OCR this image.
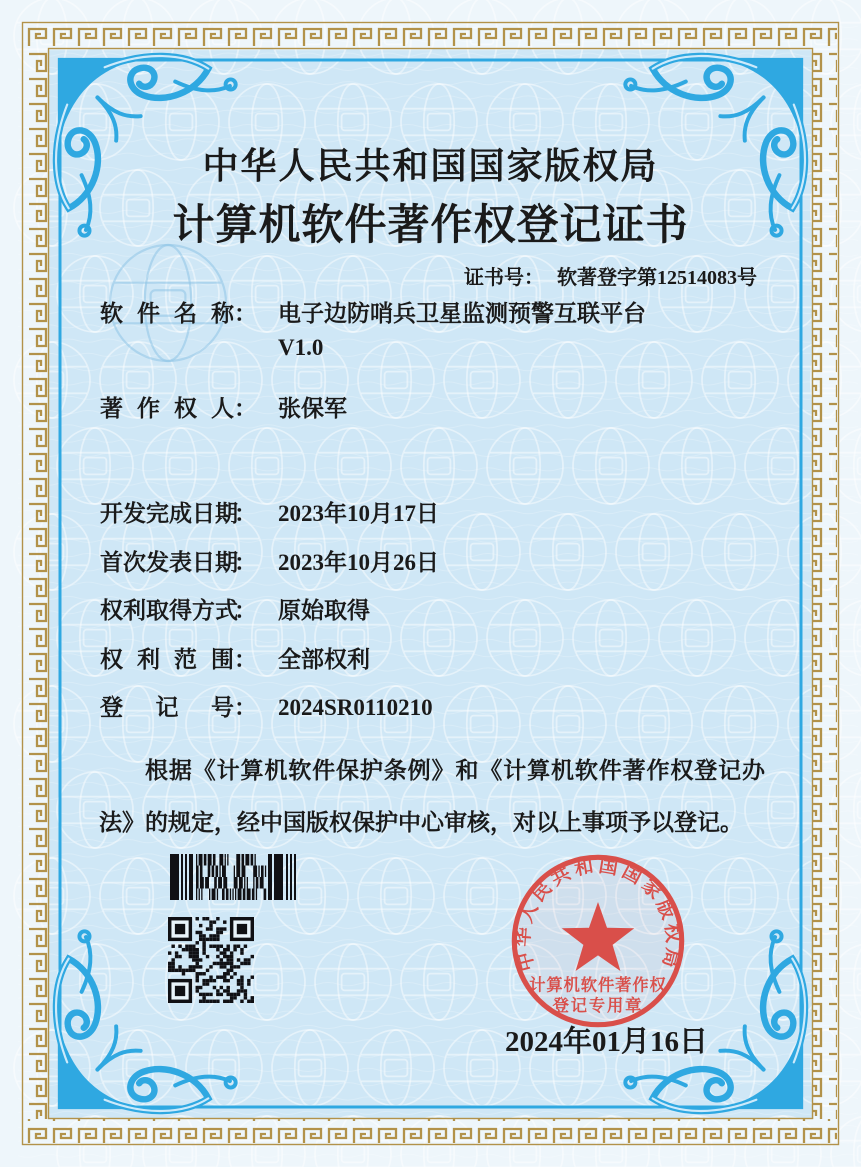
中华人民共和国国家版权局
计算机软件著作权登记证书
证书号： 软著登字第12514083号
软件名称 ： 电子边防哨兵卫星监测预警互联平台
V1.0
著作权人 ： 张保军
开发完成日期
： 2023年10月17日
首次发表日期
： 2023年10月26日
权利取得方式
： 原始取得
权利范围 ： 全部权利
登记号 ： 2024SR0110210
根据《计算机软件保护条例》和《计算机软件著作权登记办法》的规定，经中国版权保护中心审核，对以上事项予以登记。
中华人民共和国国家版权局
计算机软件著作权
登记专用章
2024年01月16日
